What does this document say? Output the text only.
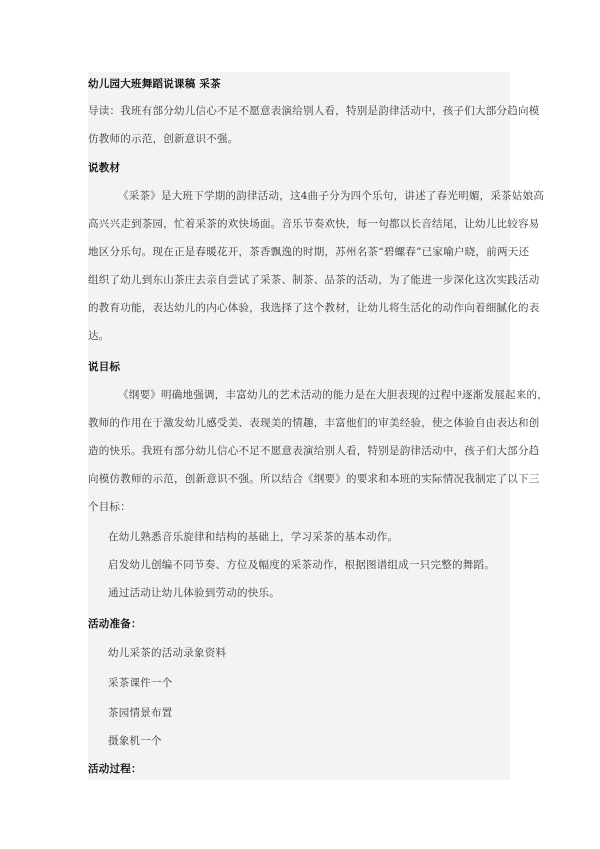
幼儿园大班舞蹈说课稿 采茶
导读：我班有部分幼儿信心不足不愿意表演给别人看，特别是韵律活动中，孩子们大部分趋向模
仿教师的示范，创新意识不强。
说教材
《采茶》是大班下学期的韵律活动，这4曲子分为四个乐句，讲述了春光明媚，采茶姑娘高
高兴兴走到茶园，忙着采茶的欢快场面。音乐节奏欢快，每一句都以长音结尾，让幼儿比较容易
地区分乐句。现在正是春暖花开，茶香飘逸的时期，苏州名茶“碧螺春”已家喻户晓，前两天还
组织了幼儿到东山茶庄去亲自尝试了采茶、制茶、品茶的活动，为了能进一步深化这次实践活动
的教育功能，表达幼儿的内心体验，我选择了这个教材，让幼儿将生活化的动作向着细腻化的表
达。
说目标
《纲要》明确地强调，丰富幼儿的艺术活动的能力是在大胆表现的过程中逐渐发展起来的，
教师的作用在于激发幼儿感受美、表现美的情趣，丰富他们的审美经验，使之体验自由表达和创
造的快乐。我班有部分幼儿信心不足不愿意表演给别人看，特别是韵律活动中，孩子们大部分趋
向模仿教师的示范，创新意识不强。所以结合《纲要》的要求和本班的实际情况我制定了以下三
个目标：
在幼儿熟悉音乐旋律和结构的基础上，学习采茶的基本动作。
启发幼儿创编不同节奏、方位及幅度的采茶动作，根据图谱组成一只完整的舞蹈。
通过活动让幼儿体验到劳动的快乐。
活动准备：
幼儿采茶的活动录象资料
采茶课件一个
茶园情景布置
摄象机一个
活动过程：
